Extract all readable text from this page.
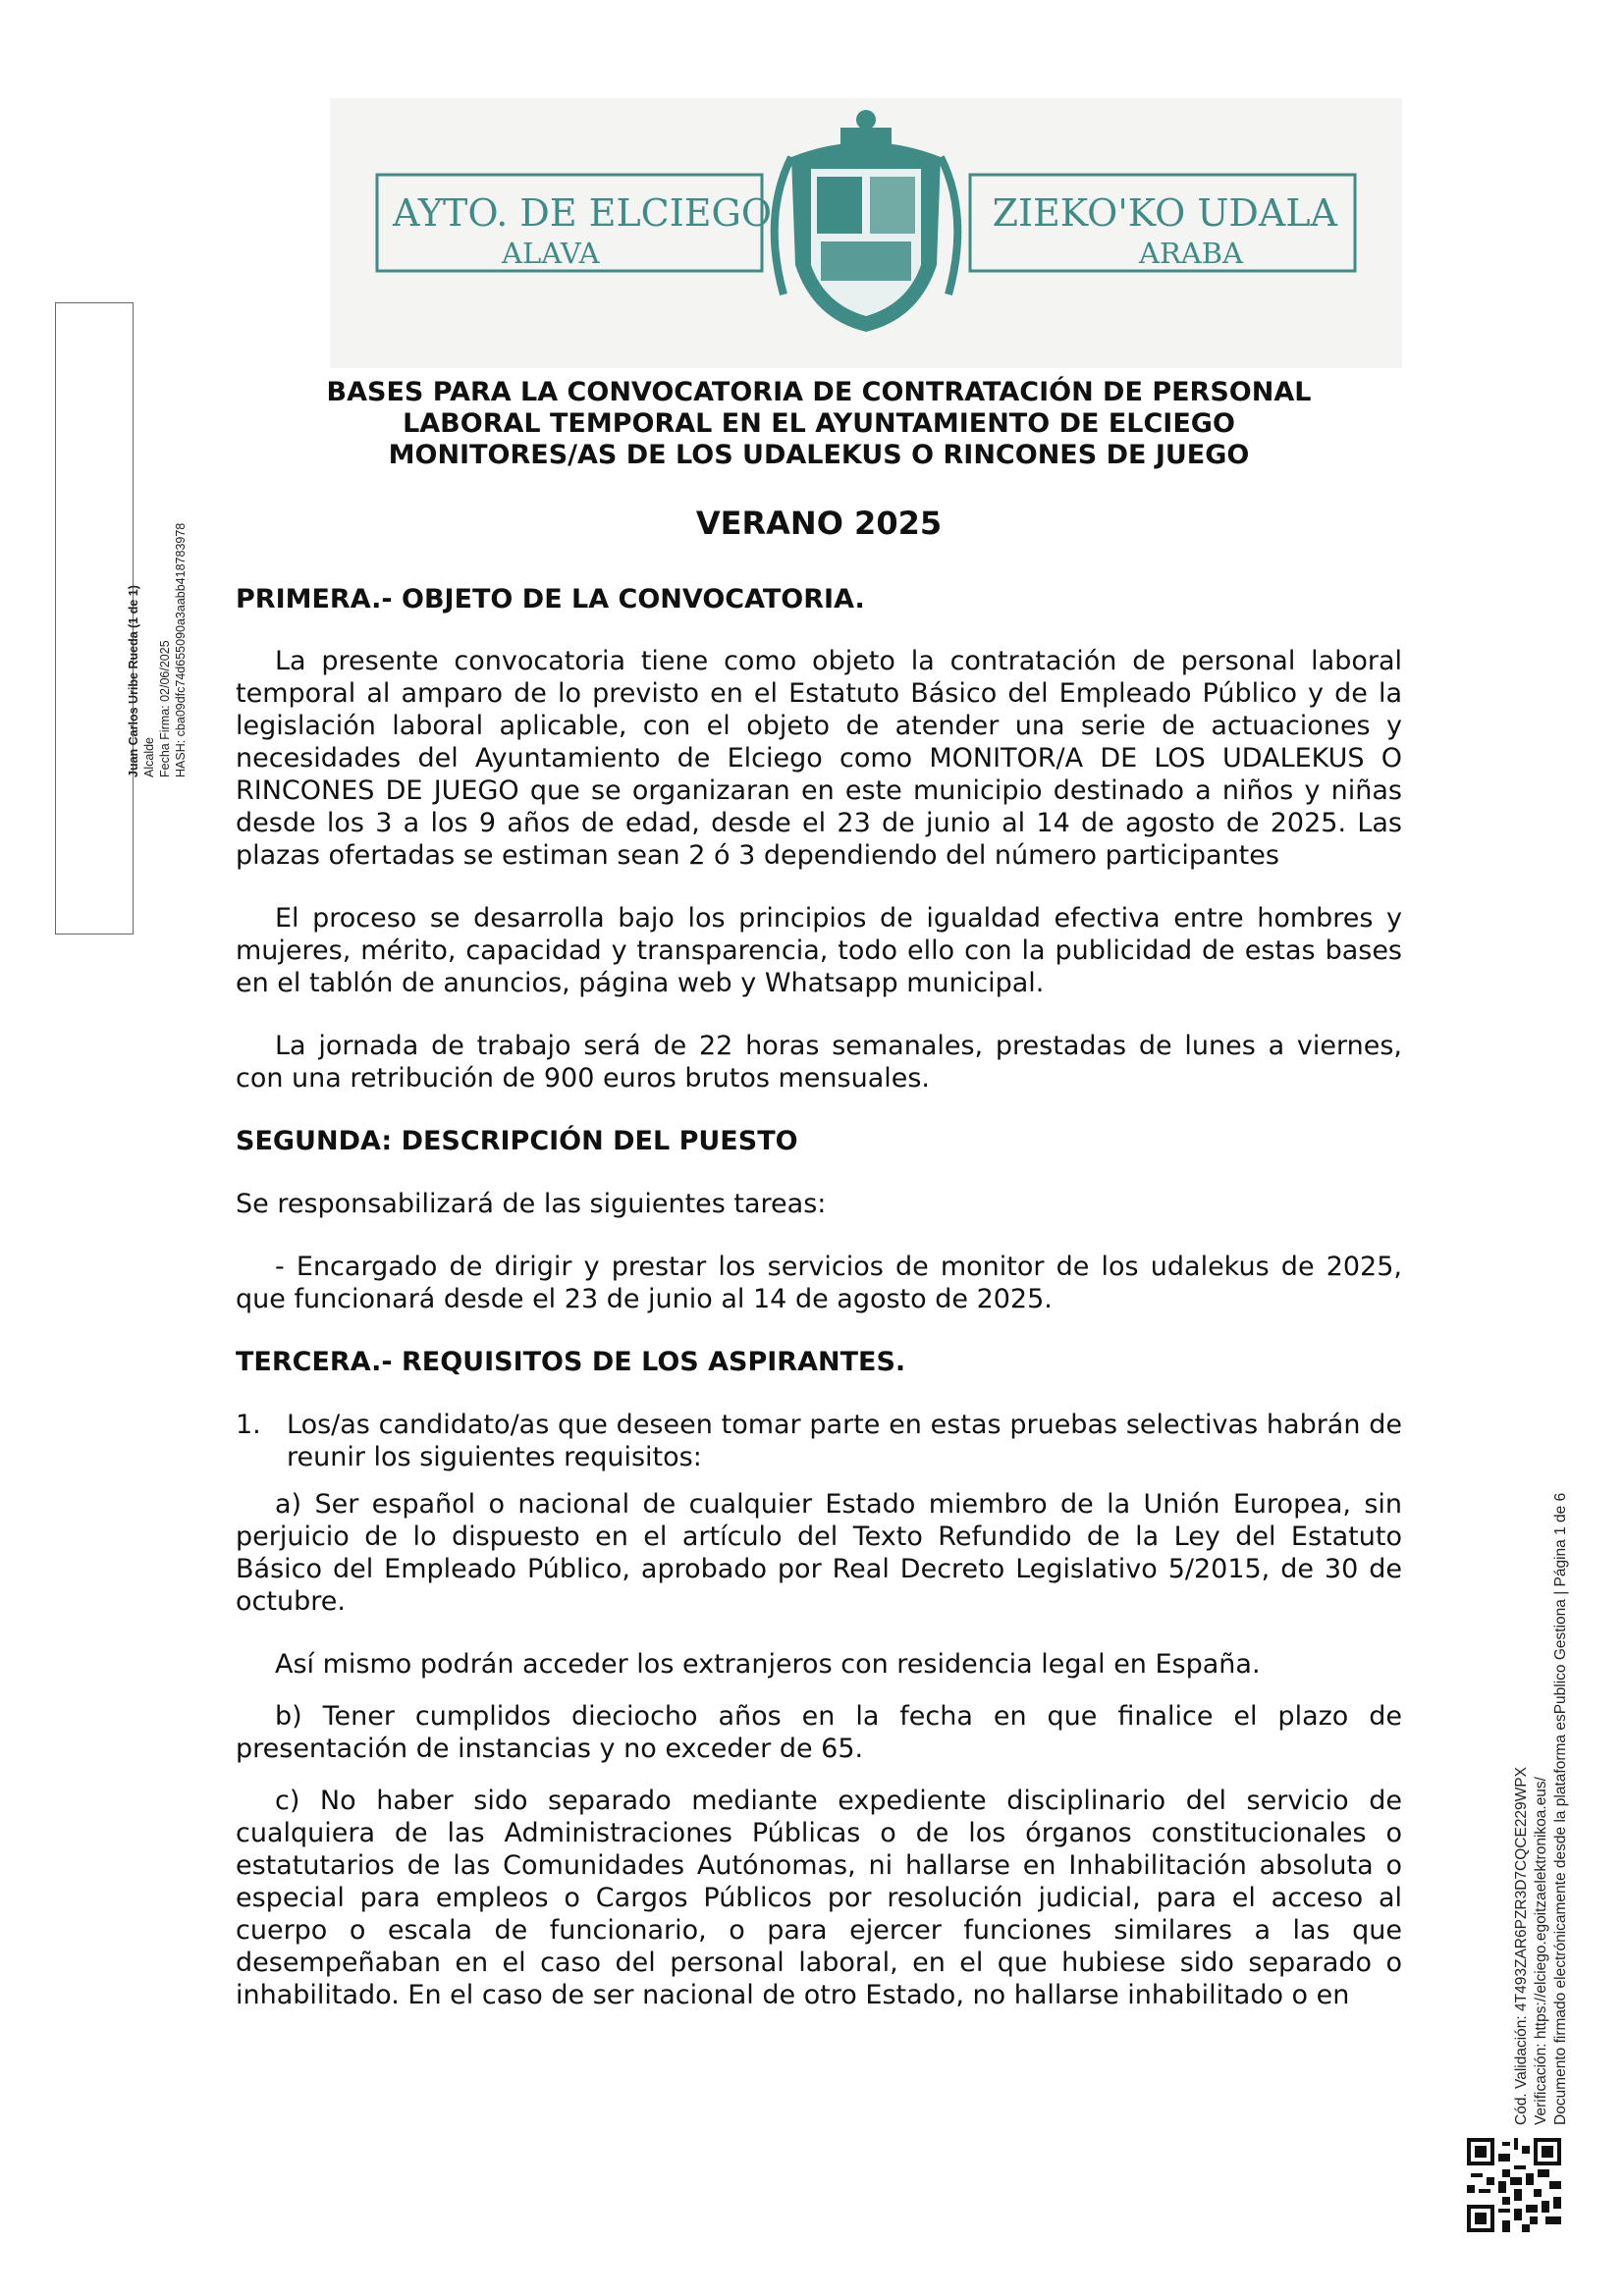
AYTO. DE ELCIEGO
ALAVA
ZIEKO'KO UDALA
ARABA
Juan Carlos Uribe Rueda (1 de 1) Alcalde Fecha Firma: 02/06/2025 HASH: cba09dfc74d655090a3aabb418783978
Cód. Validación: 4T493ZAR6PZR3D7CQCE229WPX Verificación: https://elciego.egoitzaelektronikoa.eus/ Documento firmado electrónicamente desde la plataforma esPublico Gestiona | Página 1 de 6

BASES PARA LA CONVOCATORIA DE CONTRATACIÓN DE PERSONAL

LABORAL TEMPORAL EN EL AYUNTAMIENTO DE ELCIEGO

MONITORES/AS DE LOS UDALEKUS O RINCONES DE JUEGO

VERANO 2025

PRIMERA.- OBJETO DE LA CONVOCATORIA.

La presente convocatoria tiene como objeto la contratación de personal laboral temporal al amparo de lo previsto en el Estatuto Básico del Empleado Público y de la legislación laboral aplicable, con el objeto de atender una serie de actuaciones y necesidades del Ayuntamiento de Elciego como MONITOR/A DE LOS UDALEKUS O RINCONES DE JUEGO que se organizaran en este municipio destinado a niños y niñas desde los 3 a los 9 años de edad, desde el 23 de junio al 14 de agosto de 2025. Las plazas ofertadas se estiman sean 2 ó 3 dependiendo del número participantes

El proceso se desarrolla bajo los principios de igualdad efectiva entre hombres y mujeres, mérito, capacidad y transparencia, todo ello con la publicidad de estas bases en el tablón de anuncios, página web y Whatsapp municipal.

La jornada de trabajo será de 22 horas semanales, prestadas de lunes a viernes, con una retribución de 900 euros brutos mensuales.

SEGUNDA: DESCRIPCIÓN DEL PUESTO

Se responsabilizará de las siguientes tareas:

- Encargado de dirigir y prestar los servicios de monitor de los udalekus de 2025, que funcionará desde el 23 de junio al 14 de agosto de 2025.

TERCERA.- REQUISITOS DE LOS ASPIRANTES.

1. Los/as candidato/as que deseen tomar parte en estas pruebas selectivas habrán de reunir los siguientes requisitos:

a) Ser español o nacional de cualquier Estado miembro de la Unión Europea, sin perjuicio de lo dispuesto en el artículo del Texto Refundido de la Ley del Estatuto Básico del Empleado Público, aprobado por Real Decreto Legislativo 5/2015, de 30 de octubre.

Así mismo podrán acceder los extranjeros con residencia legal en España.

b) Tener cumplidos dieciocho años en la fecha en que finalice el plazo de presentación de instancias y no exceder de 65.

c) No haber sido separado mediante expediente disciplinario del servicio de cualquiera de las Administraciones Públicas o de los órganos constitucionales o estatutarios de las Comunidades Autónomas, ni hallarse en Inhabilitación absoluta o especial para empleos o Cargos Públicos por resolución judicial, para el acceso al cuerpo o escala de funcionario, o para ejercer funciones similares a las que desempeñaban en el caso del personal laboral, en el que hubiese sido separado o inhabilitado. En el caso de ser nacional de otro Estado, no hallarse inhabilitado o en
